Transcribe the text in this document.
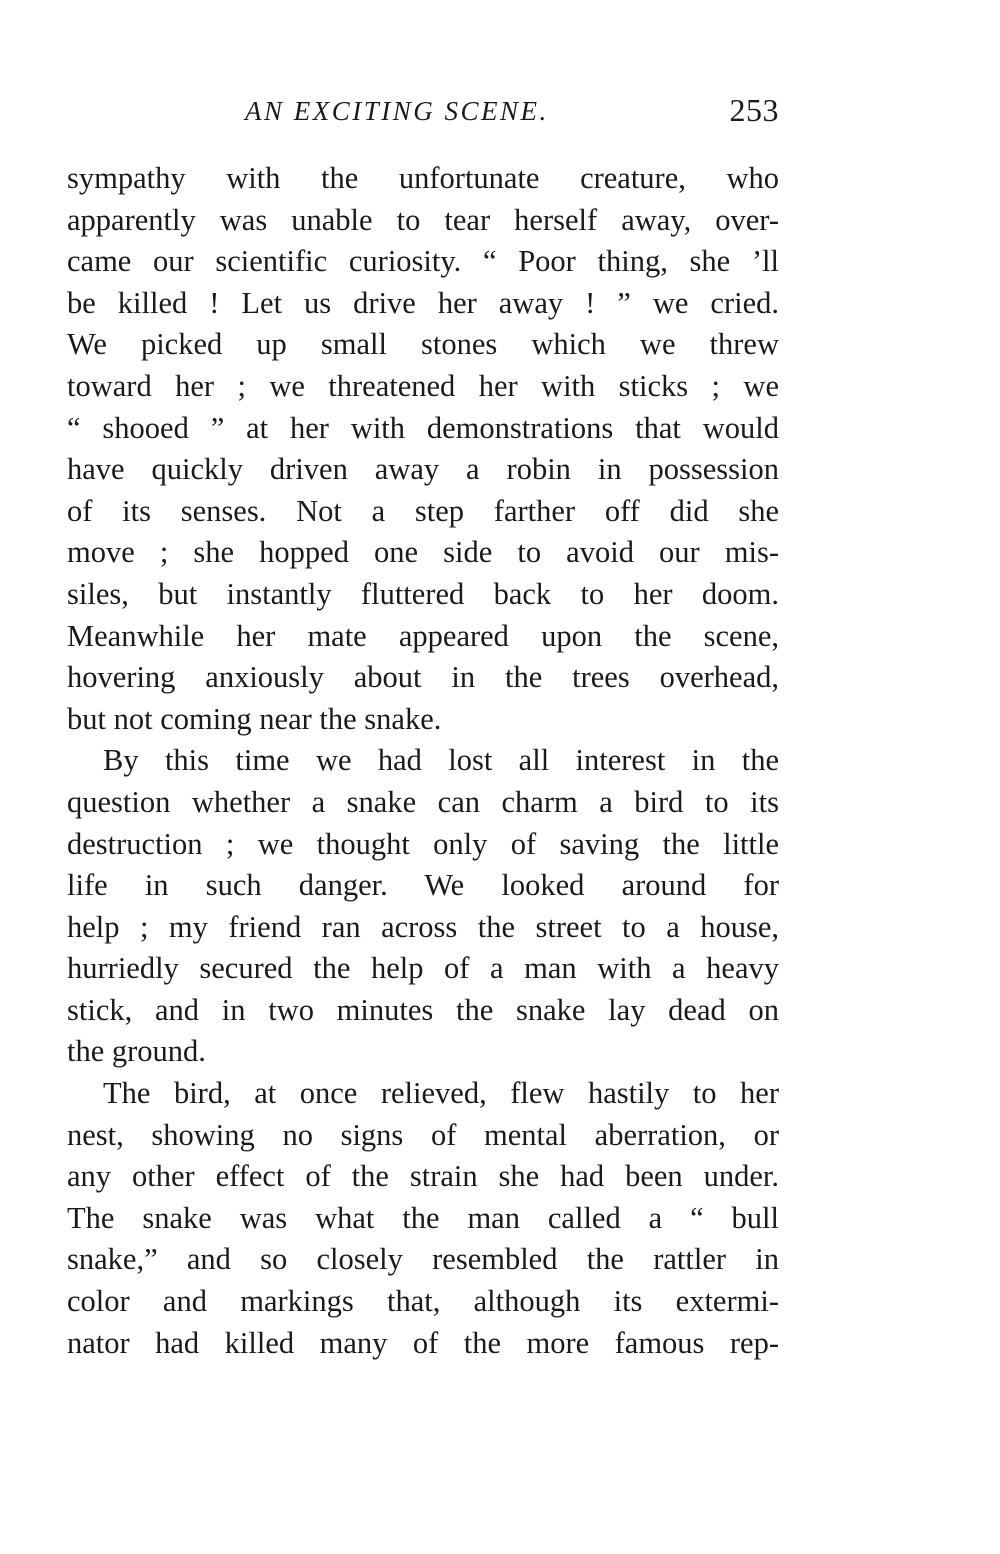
AN EXCITING SCENE.	253
sympathy with the unfortunate creature, who
apparently was unable to tear herself away, over-
came our scientific curiosity. “ Poor thing, she ’ll
be killed ! Let us drive her away ! ” we cried.
We picked up small stones which we threw
toward her ; we threatened her with sticks ; we
“ shooed ” at her with demonstrations that would
have quickly driven away a robin in possession
of its senses. Not a step farther off did she
move ; she hopped one side to avoid our mis-
siles, but instantly fluttered back to her doom.
Meanwhile her mate appeared upon the scene,
hovering anxiously about in the trees overhead,
but not coming near the snake.
By this time we had lost all interest in the
question whether a snake can charm a bird to its
destruction ; we thought only of saving the little
life in such danger. We looked around for
help ; my friend ran across the street to a house,
hurriedly secured the help of a man with a heavy
stick, and in two minutes the snake lay dead on
the ground.
The bird, at once relieved, flew hastily to her
nest, showing no signs of mental aberration, or
any other effect of the strain she had been under.
The snake was what the man called a “ bull
snake,” and so closely resembled the rattler in
color and markings that, although its extermi-
nator had killed many of the more famous rep-
